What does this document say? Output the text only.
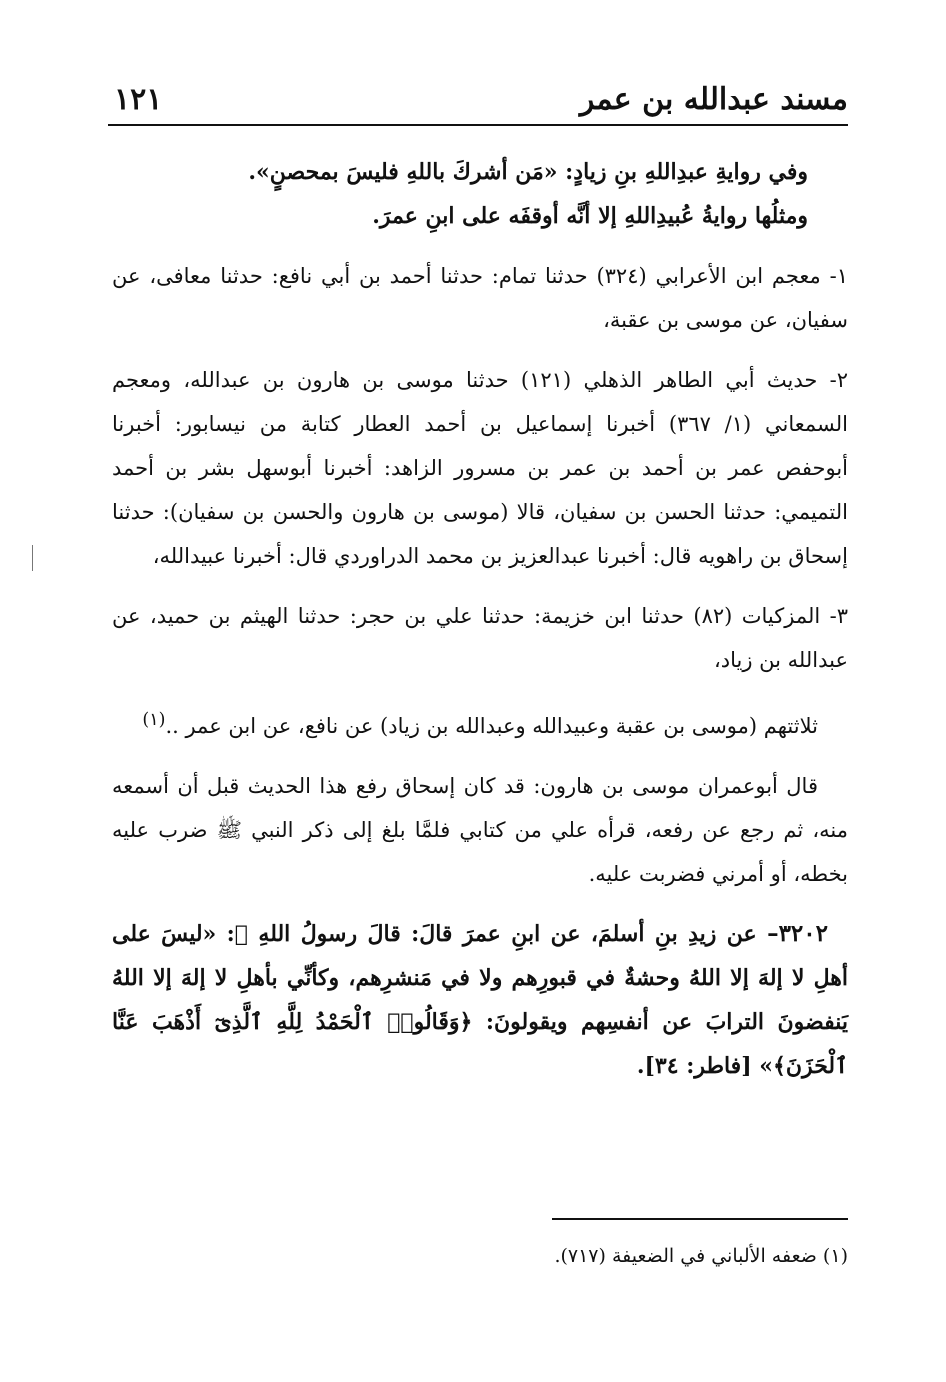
مسند عبدالله بن عمر
١٢١

وفي روايةِ عبدِاللهِ بنِ زيادٍ: «مَن أشركَ باللهِ فليسَ بمحصنٍ».

ومثلُها روايةُ عُبيدِاللهِ إلا أنَّه أوقفَه على ابنِ عمرَ.

١- معجم ابن الأعرابي (٣٢٤) حدثنا تمام: حدثنا أحمد بن أبي نافع: حدثنا معافى، عن سفيان، عن موسى بن عقبة،

٢- حديث أبي الطاهر الذهلي (١٢١) حدثنا موسى بن هارون بن عبدالله، ومعجم السمعاني (١/ ٣٦٧) أخبرنا إسماعيل بن أحمد العطار كتابة من نيسابور: أخبرنا أبوحفص عمر بن أحمد بن عمر بن مسرور الزاهد: أخبرنا أبوسهل بشر بن أحمد التميمي: حدثنا الحسن بن سفيان، قالا (موسى بن هارون والحسن بن سفيان): حدثنا إسحاق بن راهويه قال: أخبرنا عبدالعزيز بن محمد الدراوردي قال: أخبرنا عبيدالله،

٣- المزكيات (٨٢) حدثنا ابن خزيمة: حدثنا علي بن حجر: حدثنا الهيثم بن حميد، عن عبدالله بن زياد،

ثلاثتهم (موسى بن عقبة وعبيدالله وعبدالله بن زياد) عن نافع، عن ابن عمر ..$^{(١)}$

قال أبوعمران موسى بن هارون: قد كان إسحاق رفع هذا الحديث قبل أن أسمعه منه، ثم رجع عن رفعه، قرأه علي من كتابي فلمَّا بلغ إلى ذكر النبي ﷺ ضرب عليه بخطه، أو أمرني فضربت عليه.

٣٢٠٢– عن زيدِ بنِ أسلمَ، عن ابنِ عمرَ قالَ: قالَ رسولُ اللهِ ﷺ: «ليسَ على أهلِ لا إلهَ إلا اللهُ وحشةٌ في قبورِهم ولا في مَنشرِهم، وكأنِّي بأهلِ لا إلهَ إلا اللهُ يَنفضونَ الترابَ عن أنفسِهم ويقولونَ: ﴿وَقَالُوا۟ ٱلْحَمْدُ لِلَّهِ ٱلَّذِىٓ أَذْهَبَ عَنَّا ٱلْحَزَنَ﴾» [فاطر: ٣٤].

(١) ضعفه الألباني في الضعيفة (٧١٧).
